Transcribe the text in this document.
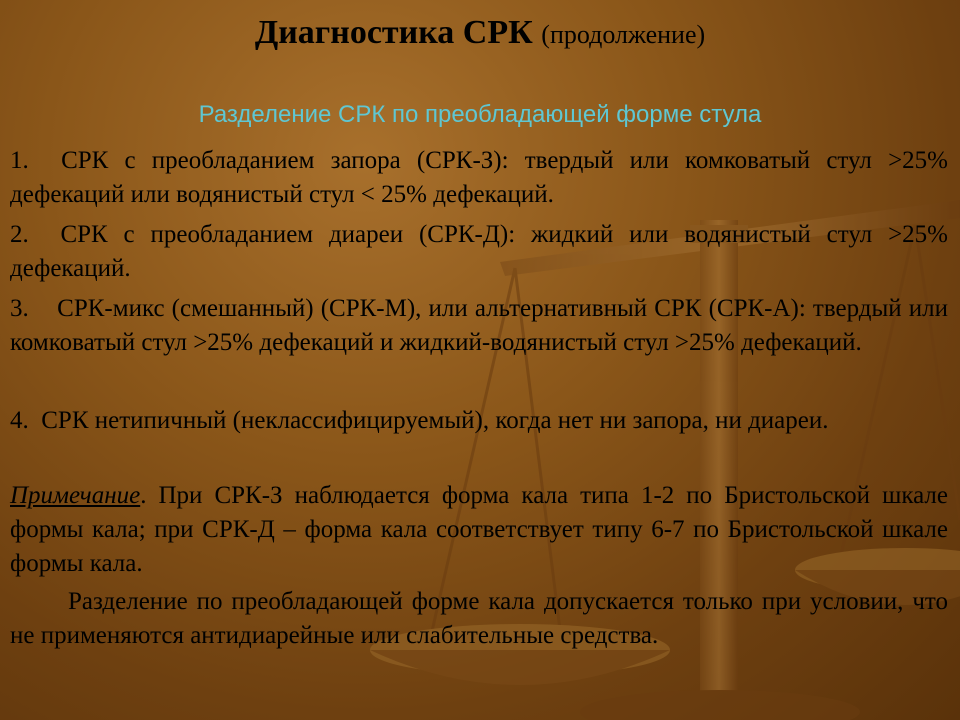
Диагностика СРК (продолжение)
Разделение СРК по преобладающей форме стула
1. СРК с преобладанием запора (СРК-З): твердый или комковатый стул >25% дефекаций или водянистый стул < 25% дефекаций.
2. СРК с преобладанием диареи (СРК-Д): жидкий или водянистый стул >25% дефекаций.
3. СРК-микс (смешанный) (СРК-М), или альтернативный СРК (СРК-А): твердый или комковатый стул >25% дефекаций и жидкий-водянистый стул >25% дефекаций.
4. СРК нетипичный (неклассифицируемый), когда нет ни запора, ни диареи.
Примечание. При СРК-З наблюдается форма кала типа 1-2 по Бристольской шкале формы кала; при СРК-Д – форма кала соответствует типу 6-7 по Бристольской шкале формы кала.
Разделение по преобладающей форме кала допускается только при условии, что не применяются антидиарейные или слабительные средства.
